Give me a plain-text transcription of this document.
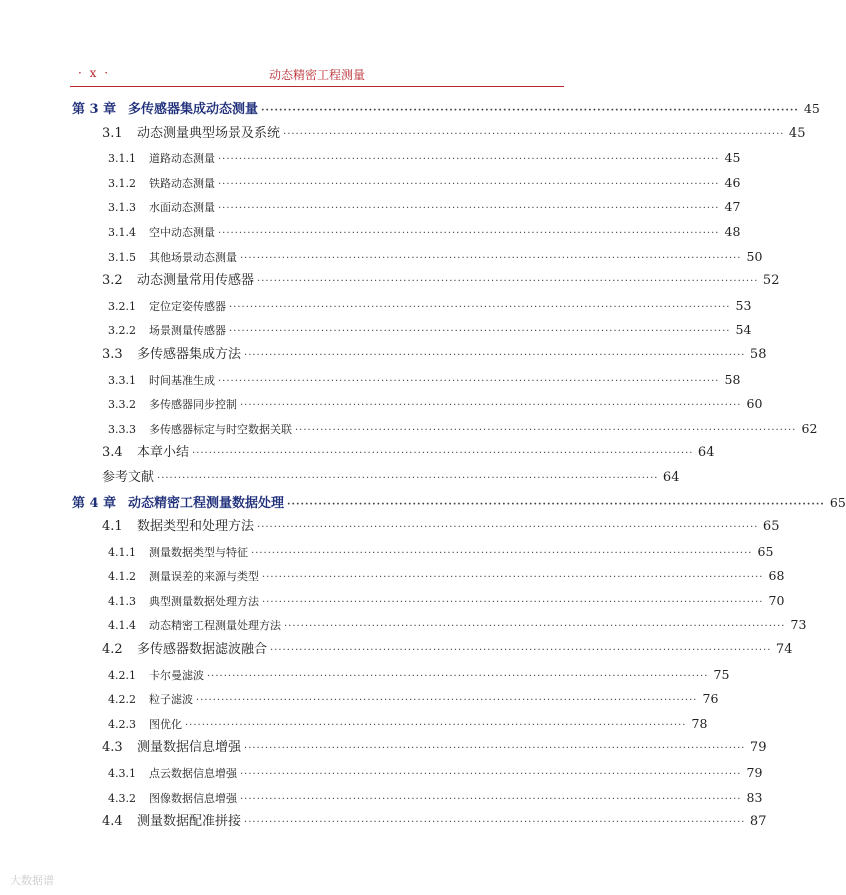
· x ·	动态精密工程测量
第 3 章 多传感器集成动态测量 ························································································································ 45
3.1	动态测量典型场景及系统 ························································································································ 45
3.1.1	道路动态测量 ························································································································ 45
3.1.2	铁路动态测量 ························································································································ 46
3.1.3	水面动态测量 ························································································································ 47
3.1.4	空中动态测量 ························································································································ 48
3.1.5	其他场景动态测量 ························································································································ 50
3.2	动态测量常用传感器 ························································································································ 52
3.2.1	定位定姿传感器 ························································································································ 53
3.2.2	场景测量传感器 ························································································································ 54
3.3	多传感器集成方法 ························································································································ 58
3.3.1	时间基准生成 ························································································································ 58
3.3.2	多传感器同步控制 ························································································································ 60
3.3.3	多传感器标定与时空数据关联 ························································································································ 62
3.4	本章小结 ························································································································ 64
参考文献 ························································································································ 64
第 4 章 动态精密工程测量数据处理 ························································································································ 65
4.1	数据类型和处理方法 ························································································································ 65
4.1.1	测量数据类型与特征 ························································································································ 65
4.1.2	测量误差的来源与类型 ························································································································ 68
4.1.3	典型测量数据处理方法 ························································································································ 70
4.1.4	动态精密工程测量处理方法 ························································································································ 73
4.2	多传感器数据滤波融合 ························································································································ 74
4.2.1	卡尔曼滤波 ························································································································ 75
4.2.2	粒子滤波 ························································································································ 76
4.2.3	图优化 ························································································································ 78
4.3	测量数据信息增强 ························································································································ 79
4.3.1	点云数据信息增强 ························································································································ 79
4.3.2	图像数据信息增强 ························································································································ 83
4.4	测量数据配准拼接 ························································································································ 87
大数据谱
